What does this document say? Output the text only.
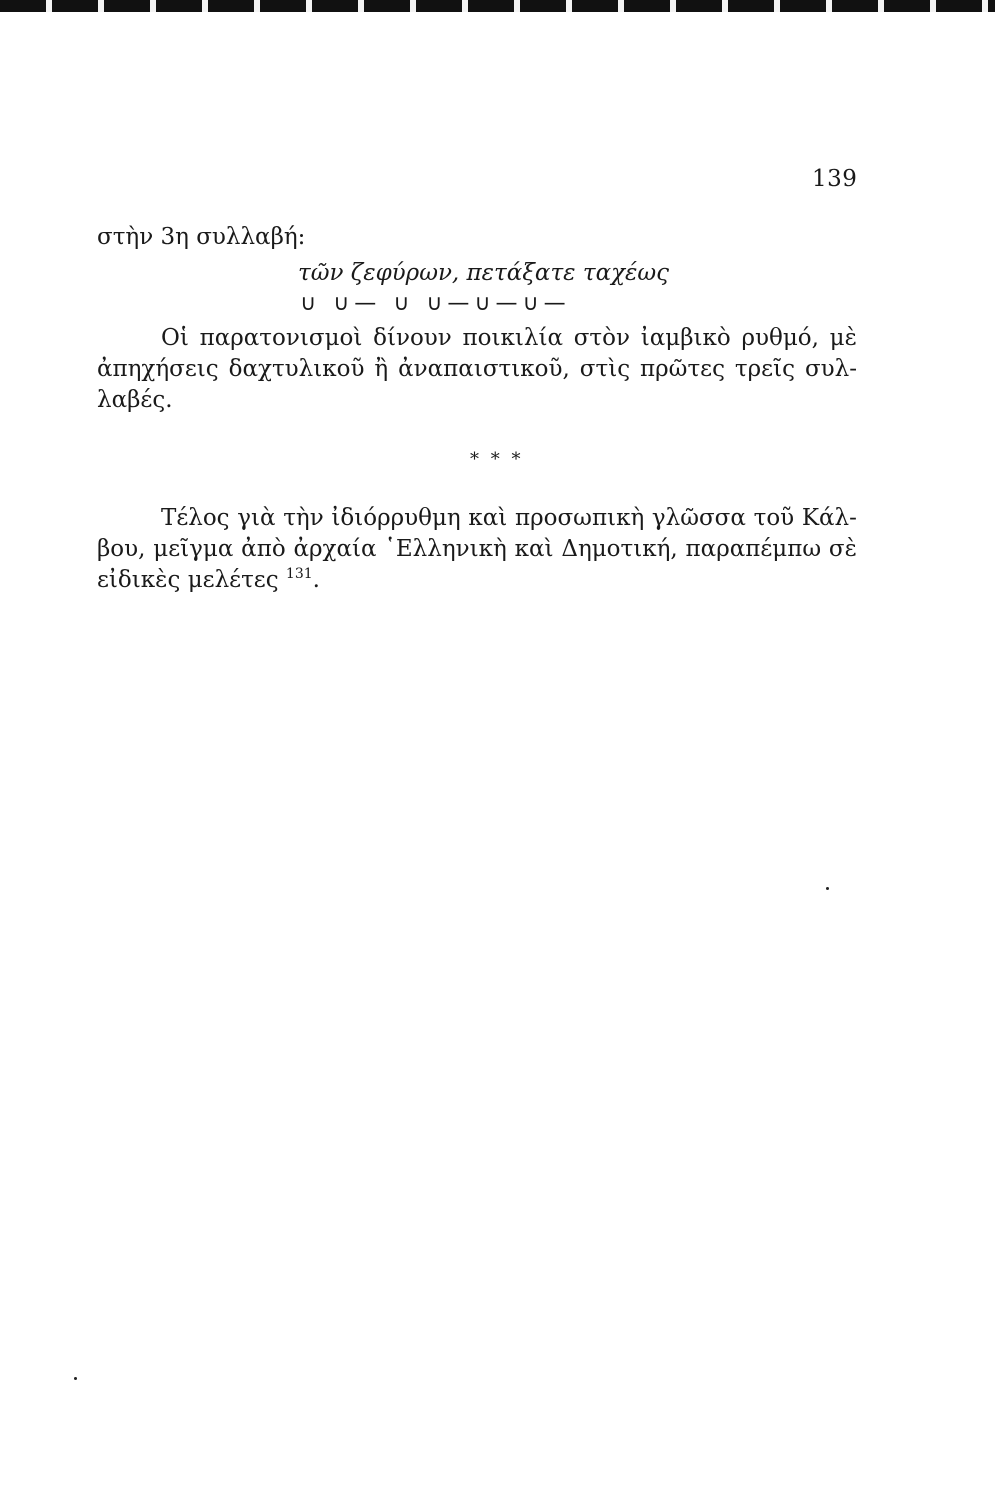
139
στὴν 3η συλλαβή:
τῶν ζεφύρων, πετάξατε ταχέως
∪ ∪— ∪ ∪—∪—∪—
Οἱ παρατονισμοὶ δίνουν ποικιλία στὸν ἰαμβικὸ ρυθμό, μὲ
ἀπηχήσεις δαχτυλικοῦ ἢ ἀναπαιστικοῦ, στὶς πρῶτες τρεῖς συλ-
λαβές.
* * *
Τέλος γιὰ τὴν ἰδιόρρυθμη καὶ προσωπικὴ γλῶσσα τοῦ Κάλ-
βου, μεῖγμα ἀπὸ ἀρχαία ῾Ελληνικὴ καὶ Δημοτική, παραπέμπω σὲ
εἰδικὲς μελέτες $^{131}$.
